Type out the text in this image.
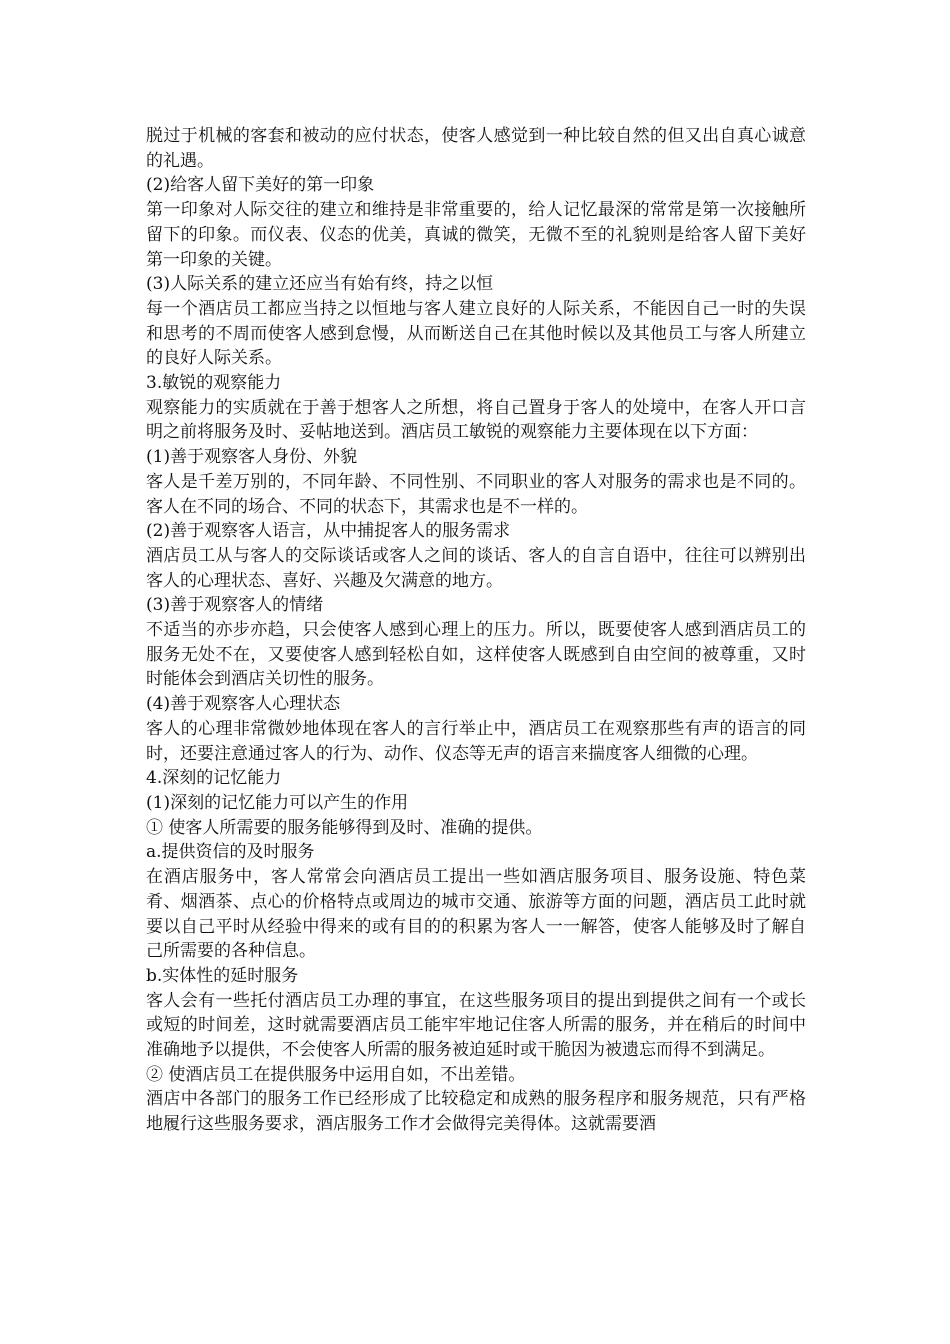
脱过于机械的客套和被动的应付状态，使客人感觉到一种比较自然的但又出自真心诚意的礼遇。

(2)给客人留下美好的第一印象

第一印象对人际交往的建立和维持是非常重要的，给人记忆最深的常常是第一次接触所留下的印象。而仪表、仪态的优美，真诚的微笑，无微不至的礼貌则是给客人留下美好第一印象的关键。

(3)人际关系的建立还应当有始有终，持之以恒

每一个酒店员工都应当持之以恒地与客人建立良好的人际关系，不能因自己一时的失误和思考的不周而使客人感到怠慢，从而断送自己在其他时候以及其他员工与客人所建立的良好人际关系。

3.敏锐的观察能力

观察能力的实质就在于善于想客人之所想，将自己置身于客人的处境中，在客人开口言明之前将服务及时、妥帖地送到。酒店员工敏锐的观察能力主要体现在以下方面：

(1)善于观察客人身份、外貌

客人是千差万别的，不同年龄、不同性别、不同职业的客人对服务的需求也是不同的。客人在不同的场合、不同的状态下，其需求也是不一样的。

(2)善于观察客人语言，从中捕捉客人的服务需求

酒店员工从与客人的交际谈话或客人之间的谈话、客人的自言自语中，往往可以辨别出客人的心理状态、喜好、兴趣及欠满意的地方。

(3)善于观察客人的情绪

不适当的亦步亦趋，只会使客人感到心理上的压力。所以，既要使客人感到酒店员工的服务无处不在，又要使客人感到轻松自如，这样使客人既感到自由空间的被尊重，又时时能体会到酒店关切性的服务。

(4)善于观察客人心理状态

客人的心理非常微妙地体现在客人的言行举止中，酒店员工在观察那些有声的语言的同时，还要注意通过客人的行为、动作、仪态等无声的语言来揣度客人细微的心理。

4.深刻的记忆能力

(1)深刻的记忆能力可以产生的作用

① 使客人所需要的服务能够得到及时、准确的提供。

a.提供资信的及时服务

在酒店服务中，客人常常会向酒店员工提出一些如酒店服务项目、服务设施、特色菜肴、烟酒茶、点心的价格特点或周边的城市交通、旅游等方面的问题，酒店员工此时就要以自己平时从经验中得来的或有目的的积累为客人一一解答，使客人能够及时了解自己所需要的各种信息。

b.实体性的延时服务

客人会有一些托付酒店员工办理的事宜，在这些服务项目的提出到提供之间有一个或长或短的时间差，这时就需要酒店员工能牢牢地记住客人所需的服务，并在稍后的时间中准确地予以提供，不会使客人所需的服务被迫延时或干脆因为被遗忘而得不到满足。

② 使酒店员工在提供服务中运用自如，不出差错。

酒店中各部门的服务工作已经形成了比较稳定和成熟的服务程序和服务规范，只有严格地履行这些服务要求，酒店服务工作才会做得完美得体。这就需要酒
